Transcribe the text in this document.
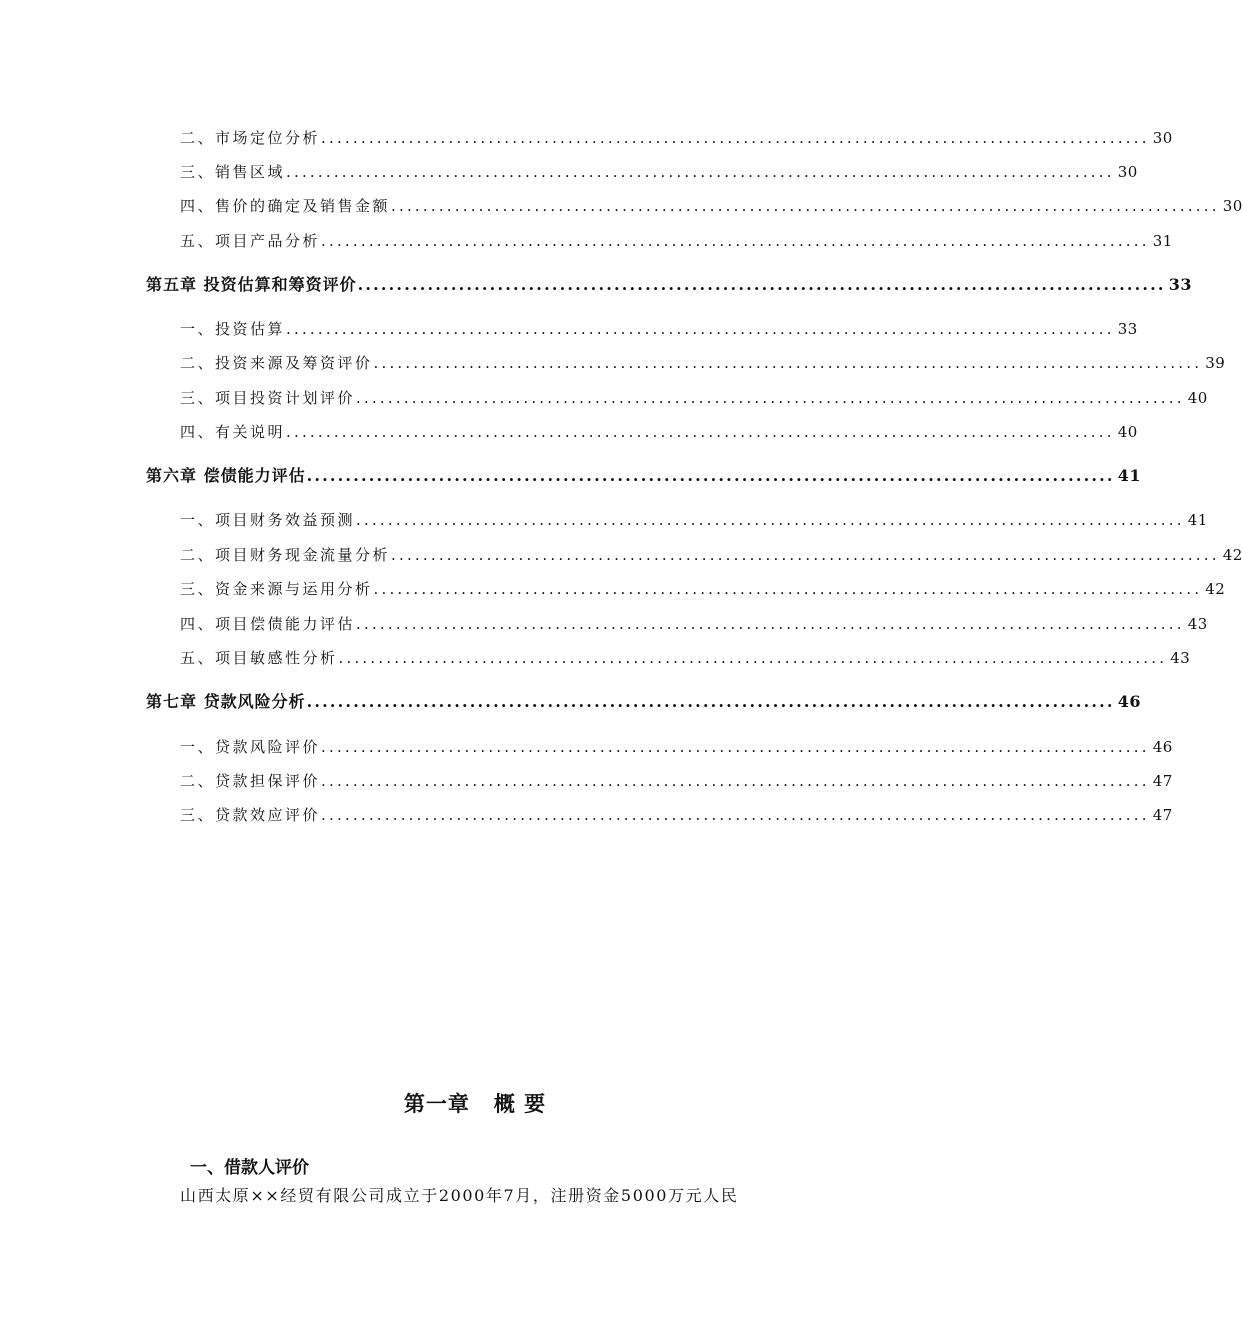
二、市场定位分析 ........................................................................................................ 30
三、销售区域 ........................................................................................................ 30
四、售价的确定及销售金额 ........................................................................................................ 30
五、项目产品分析 ........................................................................................................ 31
第五章 投资估算和筹资评价 ........................................................................................................ 33
一、投资估算 ........................................................................................................ 33
二、投资来源及筹资评价 ........................................................................................................ 39
三、项目投资计划评价 ........................................................................................................ 40
四、有关说明 ........................................................................................................ 40
第六章 偿债能力评估 ........................................................................................................ 41
一、项目财务效益预测 ........................................................................................................ 41
二、项目财务现金流量分析 ........................................................................................................ 42
三、资金来源与运用分析 ........................................................................................................ 42
四、项目偿债能力评估 ........................................................................................................ 43
五、项目敏感性分析 ........................................................................................................ 43
第七章 贷款风险分析 ........................................................................................................ 46
一、贷款风险评价 ........................................................................................................ 46
二、贷款担保评价 ........................................................................................................ 47
三、贷款效应评价 ........................................................................................................ 47
第一章 概 要
一、借款人评价
山西太原××经贸有限公司成立于2000年7月，注册资金5000万元人民
